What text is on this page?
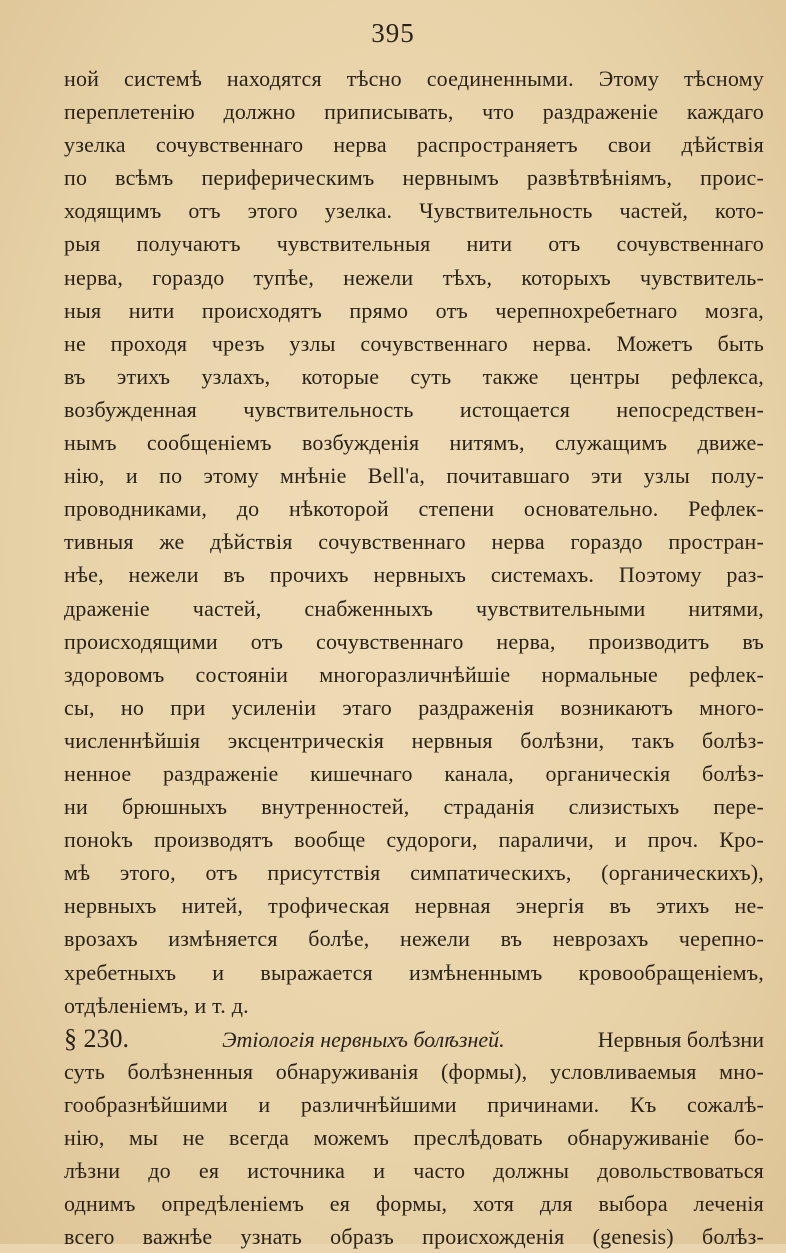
395
ной системѣ находятся тѣсно соединенными. Этому тѣсному
переплетенію должно приписывать, что раздраженіе каждаго
узелка сочувственнаго нерва распространяетъ свои дѣйствія
по всѣмъ периферическимъ нервнымъ развѣтвѣніямъ, проис-
ходящимъ отъ этого узелка. Чувствительность частей, кото-
рыя получаютъ чувствительныя нити отъ сочувственнаго
нерва, гораздо тупѣе, нежели тѣхъ, которыхъ чувствитель-
ныя нити происходятъ прямо отъ черепнохребетнаго мозга,
не проходя чрезъ узлы сочувственнаго нерва. Можетъ быть
въ этихъ узлахъ, которые суть также центры рефлекса,
возбужденная чувствительность истощается непосредствен-
нымъ сообщеніемъ возбужденія нитямъ, служащимъ движе-
нію, и по этому мнѣніе Bell'а, почитавшаго эти узлы полу-
проводниками, до нѣкоторой степени основательно. Рефлек-
тивныя же дѣйствія сочувственнаго нерва гораздо простран-
нѣе, нежели въ прочихъ нервныхъ системахъ. Поэтому раз-
драженіе частей, снабженныхъ чувствительными нитями,
происходящими отъ сочувственнаго нерва, производитъ въ
здоровомъ состояніи многоразличнѣйшіе нормальные рефлек-
сы, но при усиленіи этаго раздраженія возникаютъ много-
численнѣйшія эксцентрическія нервныя болѣзни, такъ болѣз-
ненное раздраженіе кишечнаго канала, органическія болѣз-
ни брюшныхъ внутренностей, страданія слизистыхъ пере-
поноkъ производятъ вообще судороги, параличи, и проч. Кро-
мѣ этого, отъ присутствія симпатическихъ, (органическихъ),
нервныхъ нитей, трофическая нервная энергія въ этихъ не-
врозахъ измѣняется болѣе, нежели въ неврозахъ черепно-
хребетныхъ и выражается измѣненнымъ кровообращеніемъ,
отдѣленіемъ, и т. д.
§ 230.	Этіологія нервныхъ болѣзней.	Нервныя болѣзни
суть болѣзненныя обнаруживанія (формы), условливаемыя мно-
гообразнѣйшими и различнѣйшими причинами. Къ сожалѣ-
нію, мы не всегда можемъ преслѣдовать обнаруживаніе бо-
лѣзни до ея источника и часто должны довольствоваться
однимъ опредѣленіемъ ея формы, хотя для выбора леченія
всего важнѣе узнать образъ происхожденія (genesis) болѣз-
